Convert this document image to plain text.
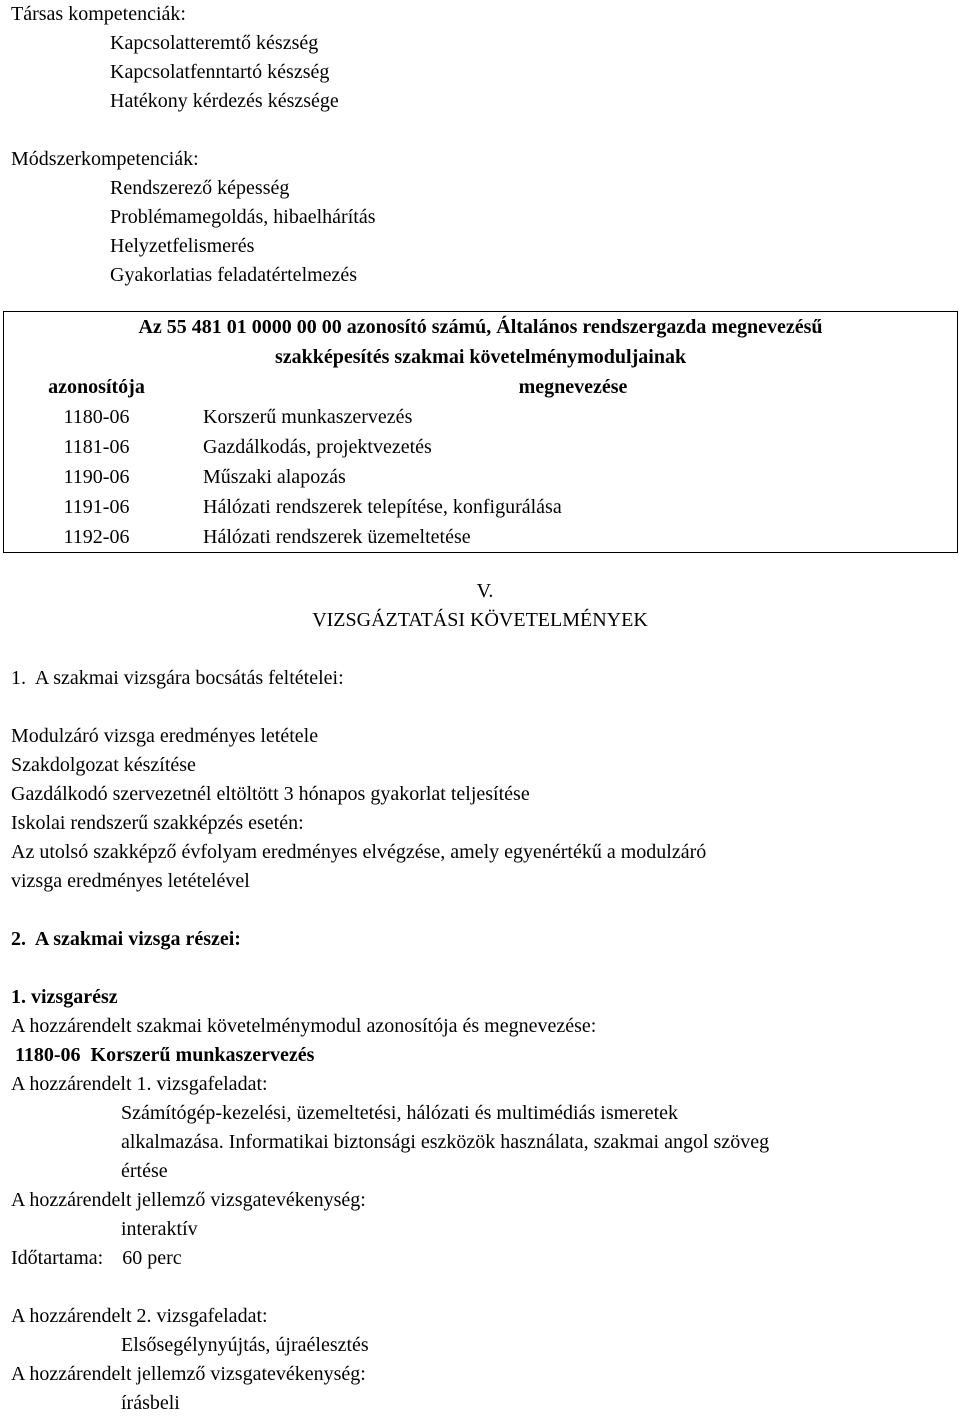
Társas kompetenciák:
Kapcsolatteremtő készség
Kapcsolatfenntartó készség
Hatékony kérdezés készsége
Módszerkompetenciák:
Rendszerező képesség
Problémamegoldás, hibaelhárítás
Helyzetfelismerés
Gyakorlatias feladatértelmezés
Az 55 481 01 0000 00 00 azonosító számú, Általános rendszergazda megnevezésű	
szakképesítés szakmai követelménymoduljainak	
azonosítója	megnevezése
1180-06	Korszerű munkaszervezés
1181-06	Gazdálkodás, projektvezetés
1190-06	Műszaki alapozás
1191-06	Hálózati rendszerek telepítése, konfigurálása
1192-06	Hálózati rendszerek üzemeltetése
V.
VIZSGÁZTATÁSI KÖVETELMÉNYEK
1.  A szakmai vizsgára bocsátás feltételei:
Modulzáró vizsga eredményes letétele
Szakdolgozat készítése
Gazdálkodó szervezetnél eltöltött 3 hónapos gyakorlat teljesítése
Iskolai rendszerű szakképzés esetén:
Az utolsó szakképző évfolyam eredményes elvégzése, amely egyenértékű a modulzáró
vizsga eredményes letételével
2.  A szakmai vizsga részei:
1. vizsgarész
A hozzárendelt szakmai követelménymodul azonosítója és megnevezése:
1180-06  Korszerű munkaszervezés
A hozzárendelt 1. vizsgafeladat:
Számítógép-kezelési, üzemeltetési, hálózati és multimédiás ismeretek
alkalmazása. Informatikai biztonsági eszközök használata, szakmai angol szöveg
értése
A hozzárendelt jellemző vizsgatevékenység:
interaktív
Időtartama: 60 perc
A hozzárendelt 2. vizsgafeladat:
Elsősegélynyújtás, újraélesztés
A hozzárendelt jellemző vizsgatevékenység:
írásbeli
